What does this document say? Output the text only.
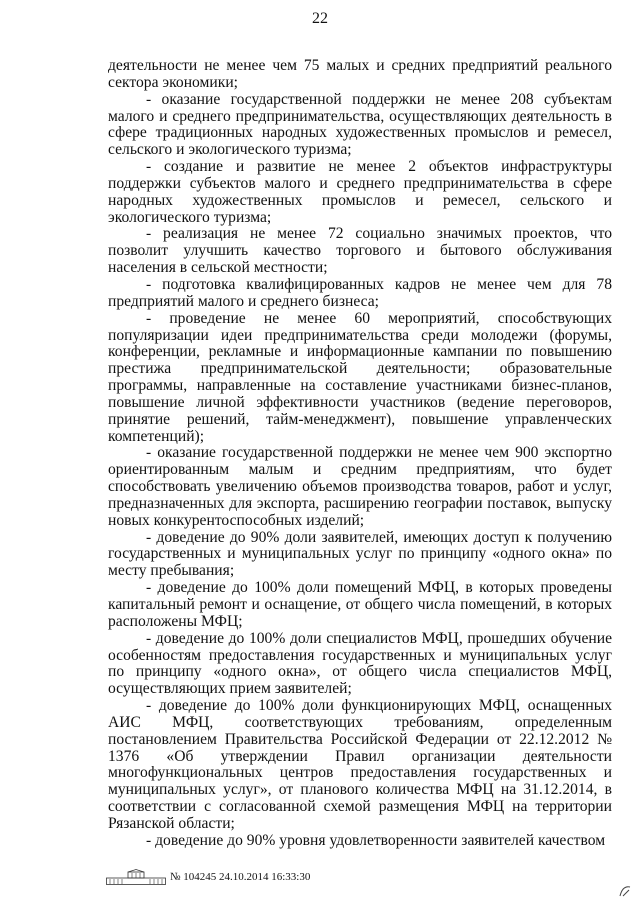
22

деятельности не менее чем 75 малых и средних предприятий реального сектора экономики;

- оказание государственной поддержки не менее 208 субъектам малого и среднего предпринимательства, осуществляющих деятельность в сфере традиционных народных художественных промыслов и ремесел, сельского и экологического туризма;

- создание и развитие не менее 2 объектов инфраструктуры поддержки субъектов малого и среднего предпринимательства в сфере народных художественных промыслов и ремесел, сельского и экологического туризма;

- реализация не менее 72 социально значимых проектов, что позволит улучшить качество торгового и бытового обслуживания населения в сельской местности;

- подготовка квалифицированных кадров не менее чем для 78 предприятий малого и среднего бизнеса;

- проведение не менее 60 мероприятий, способствующих популяризации идеи предпринимательства среди молодежи (форумы, конференции, рекламные и информационные кампании по повышению престижа предпринимательской деятельности; образовательные программы, направленные на составление участниками бизнес-планов, повышение личной эффективности участников (ведение переговоров, принятие решений, тайм-менеджмент), повышение управленческих компетенций);

- оказание государственной поддержки не менее чем 900 экспортно ориентированным малым и средним предприятиям, что будет способствовать увеличению объемов производства товаров, работ и услуг, предназначенных для экспорта, расширению географии поставок, выпуску новых конкурентоспособных изделий;

- доведение до 90% доли заявителей, имеющих доступ к получению государственных и муниципальных услуг по принципу «одного окна» по месту пребывания;

- доведение до 100% доли помещений МФЦ, в которых проведены капитальный ремонт и оснащение, от общего числа помещений, в которых расположены МФЦ;

- доведение до 100% доли специалистов МФЦ, прошедших обучение особенностям предоставления государственных и муниципальных услуг по принципу «одного окна», от общего числа специалистов МФЦ, осуществляющих прием заявителей;

- доведение до 100% доли функционирующих МФЦ, оснащенных АИС МФЦ, соответствующих требованиям, определенным постановлением Правительства Российской Федерации от 22.12.2012 № 1376 «Об утверждении Правил организации деятельности многофункциональных центров предоставления государственных и муниципальных услуг», от планового количества МФЦ на 31.12.2014, в соответствии с согласованной схемой размещения МФЦ на территории Рязанской области;

- доведение до 90% уровня удовлетворенности заявителей качеством

№ 104245 24.10.2014 16:33:30
